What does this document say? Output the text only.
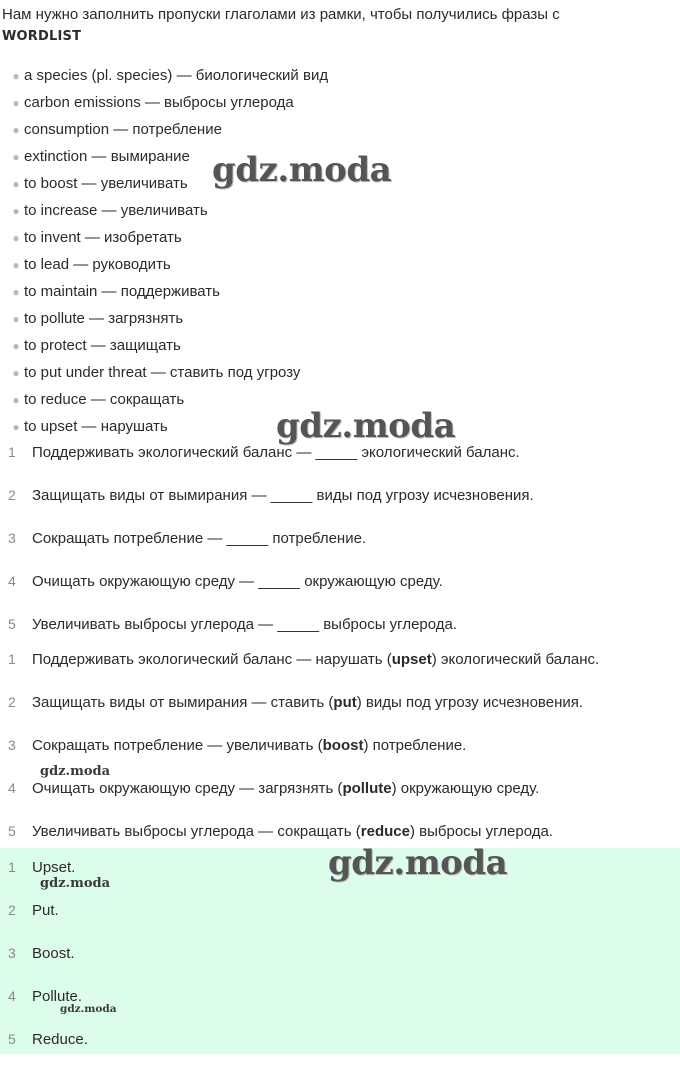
Нам нужно заполнить пропуски глаголами из рамки, чтобы получились фразы с
WORDLIST
● a species (pl. species) — биологический вид
● carbon emissions — выбросы углерода
● consumption — потребление
● extinction — вымирание
● to boost — увеличивать
● to increase — увеличивать
● to invent — изобретать
● to lead — руководить
● to maintain — поддерживать
● to pollute — загрязнять
● to protect — защищать
● to put under threat — ставить под угрозу
● to reduce — сокращать
● to upset — нарушать
1 Поддерживать экологический баланс — _____ экологический баланс.
2 Защищать виды от вымирания — _____ виды под угрозу исчезновения.
3 Сокращать потребление — _____ потребление.
4 Очищать окружающую среду — _____ окружающую среду.
5 Увеличивать выбросы углерода — _____ выбросы углерода.
1 Поддерживать экологический баланс — нарушать (upset) экологический баланс.
2 Защищать виды от вымирания — ставить (put) виды под угрозу исчезновения.
3 Сокращать потребление — увеличивать (boost) потребление.
4 Очищать окружающую среду — загрязнять (pollute) окружающую среду.
5 Увеличивать выбросы углерода — сокращать (reduce) выбросы углерода.
1 Upset.
2 Put.
3 Boost.
4 Pollute.
5 Reduce.
gdz.moda
gdz.moda
gdz.moda
gdz.moda
gdz.moda
gdz.moda
